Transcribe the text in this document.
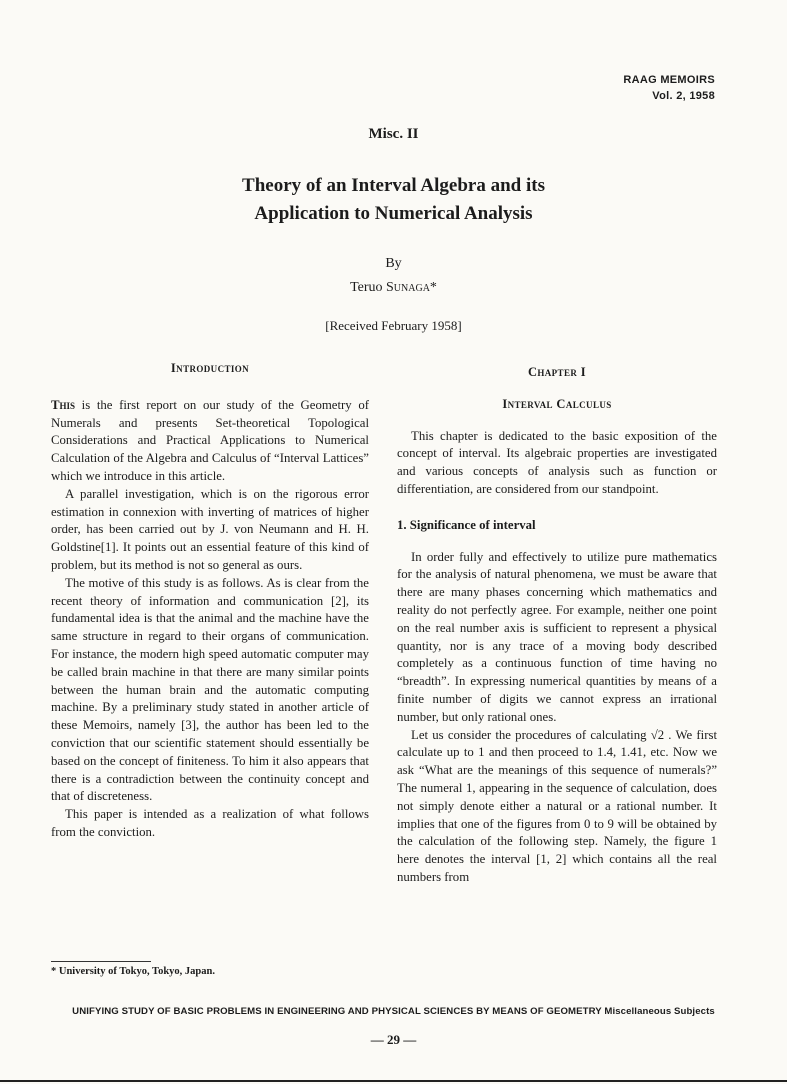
RAAG MEMOIRS
Vol. 2, 1958
Misc. II
Theory of an Interval Algebra and its
Application to Numerical Analysis
By
Teruo Sunaga*
[Received February 1958]
Introduction

This is the first report on our study of the Geometry of Numerals and presents Set-theoretical Topological Considerations and Practical Applications to Numerical Calculation of the Algebra and Calculus of “Interval Lattices” which we introduce in this article.

A parallel investigation, which is on the rigorous error estimation in connexion with inverting of matrices of higher order, has been carried out by J. von Neumann and H. H. Goldstine[1]. It points out an essential feature of this kind of problem, but its method is not so general as ours.

The motive of this study is as follows. As is clear from the recent theory of information and communication [2], its fundamental idea is that the animal and the machine have the same structure in regard to their organs of communication. For instance, the modern high speed automatic computer may be called brain machine in that there are many similar points between the human brain and the automatic computing machine. By a preliminary study stated in another article of these Memoirs, namely [3], the author has been led to the conviction that our scientific statement should essentially be based on the concept of finiteness. To him it also appears that there is a contradiction between the continuity concept and that of discreteness.

This paper is intended as a realization of what follows from the conviction.

Chapter I
Interval Calculus

This chapter is dedicated to the basic exposition of the concept of interval. Its algebraic properties are investigated and various concepts of analysis such as function or differentiation, are considered from our standpoint.

1. Significance of interval

In order fully and effectively to utilize pure mathematics for the analysis of natural phenomena, we must be aware that there are many phases concerning which mathematics and reality do not perfectly agree. For example, neither one point on the real number axis is sufficient to represent a physical quantity, nor is any trace of a moving body described completely as a continuous function of time having no “breadth”. In expressing numerical quantities by means of a finite number of digits we cannot express an irrational number, but only rational ones.

Let us consider the procedures of calculating √2 . We first calculate up to 1 and then proceed to 1.4, 1.41, etc. Now we ask “What are the meanings of this sequence of numerals?” The numeral 1, appearing in the sequence of calculation, does not simply denote either a natural or a rational number. It implies that one of the figures from 0 to 9 will be obtained by the calculation of the following step. Namely, the figure 1 here denotes the interval [1, 2] which contains all the real numbers from

* University of Tokyo, Tokyo, Japan.
UNIFYING STUDY OF BASIC PROBLEMS IN ENGINEERING AND PHYSICAL SCIENCES BY MEANS OF GEOMETRY Miscellaneous Subjects
— 29 —
